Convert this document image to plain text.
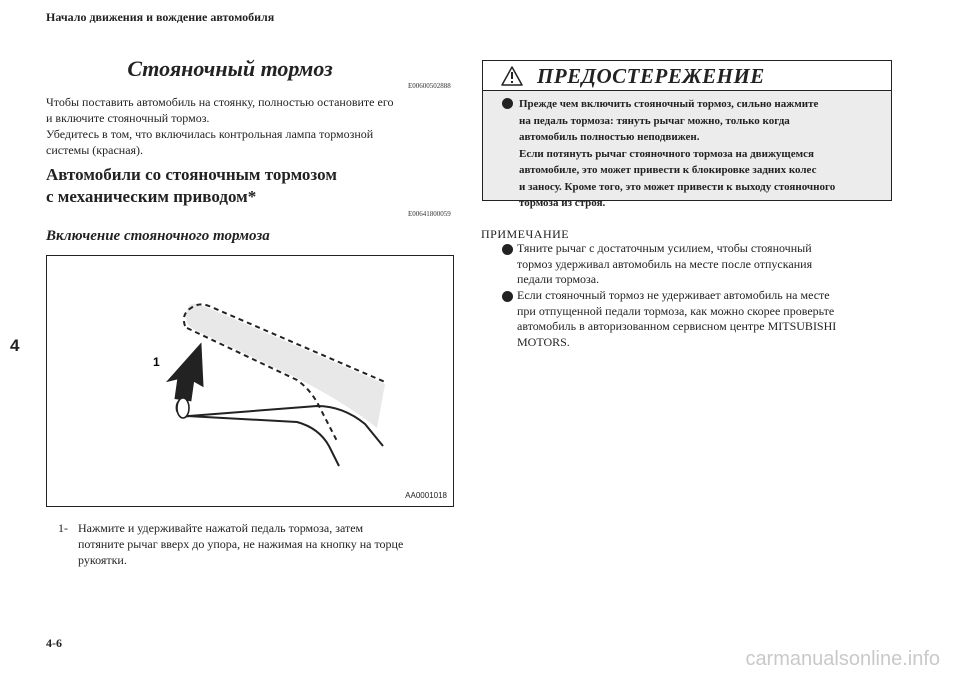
Начало движения и вождение автомобиля
Стояночный тормоз
E00600502888
Чтобы поставить автомобиль на стоянку, полностью остановите его
и включите стояночный тормоз.
Убедитесь в том, что включилась контрольная лампа тормозной
системы (красная).
Автомобили со стояночным тормозом
с механическим приводом*
E00641800059
Включение стояночного тормоза
1
AA0001018
1- Нажмите и удерживайте нажатой педаль тормоза, затем
потяните рычаг вверх до упора, не нажимая на кнопку на торце
рукоятки.
ПРЕДОСТЕРЕЖЕНИЕ
Прежде чем включить стояночный тормоз, сильно нажмите
на педаль тормоза: тянуть рычаг можно, только когда
автомобиль полностью неподвижен.
Если потянуть рычаг стояночного тормоза на движущемся
автомобиле, это может привести к блокировке задних колес
и заносу. Кроме того, это может привести к выходу стояночного
тормоза из строя.
ПРИМЕЧАНИЕ
Тяните рычаг с достаточным усилием, чтобы стояночный
тормоз удерживал автомобиль на месте после отпускания
педали тормоза.
Если стояночный тормоз не удерживает автомобиль на месте
при отпущенной педали тормоза, как можно скорее проверьте
автомобиль в авторизованном сервисном центре MITSUBISHI
MOTORS.
4
4-6
carmanualsonline.info
